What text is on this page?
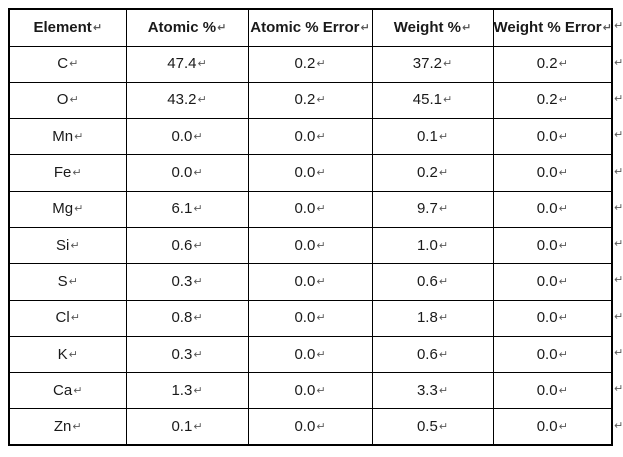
Element↵	Atomic %↵	Atomic % Error↵	Weight %↵	Weight % Error↵
C↵	47.4↵	0.2↵	37.2↵	0.2↵
O↵	43.2↵	0.2↵	45.1↵	0.2↵
Mn↵	0.0↵	0.0↵	0.1↵	0.0↵
Fe↵	0.0↵	0.0↵	0.2↵	0.0↵
Mg↵	6.1↵	0.0↵	9.7↵	0.0↵
Si↵	0.6↵	0.0↵	1.0↵	0.0↵
S↵	0.3↵	0.0↵	0.6↵	0.0↵
Cl↵	0.8↵	0.0↵	1.8↵	0.0↵
K↵	0.3↵	0.0↵	0.6↵	0.0↵
Ca↵	1.3↵	0.0↵	3.3↵	0.0↵
Zn↵	0.1↵	0.0↵	0.5↵	0.0↵
↵
↵
↵
↵
↵
↵
↵
↵
↵
↵
↵
↵
